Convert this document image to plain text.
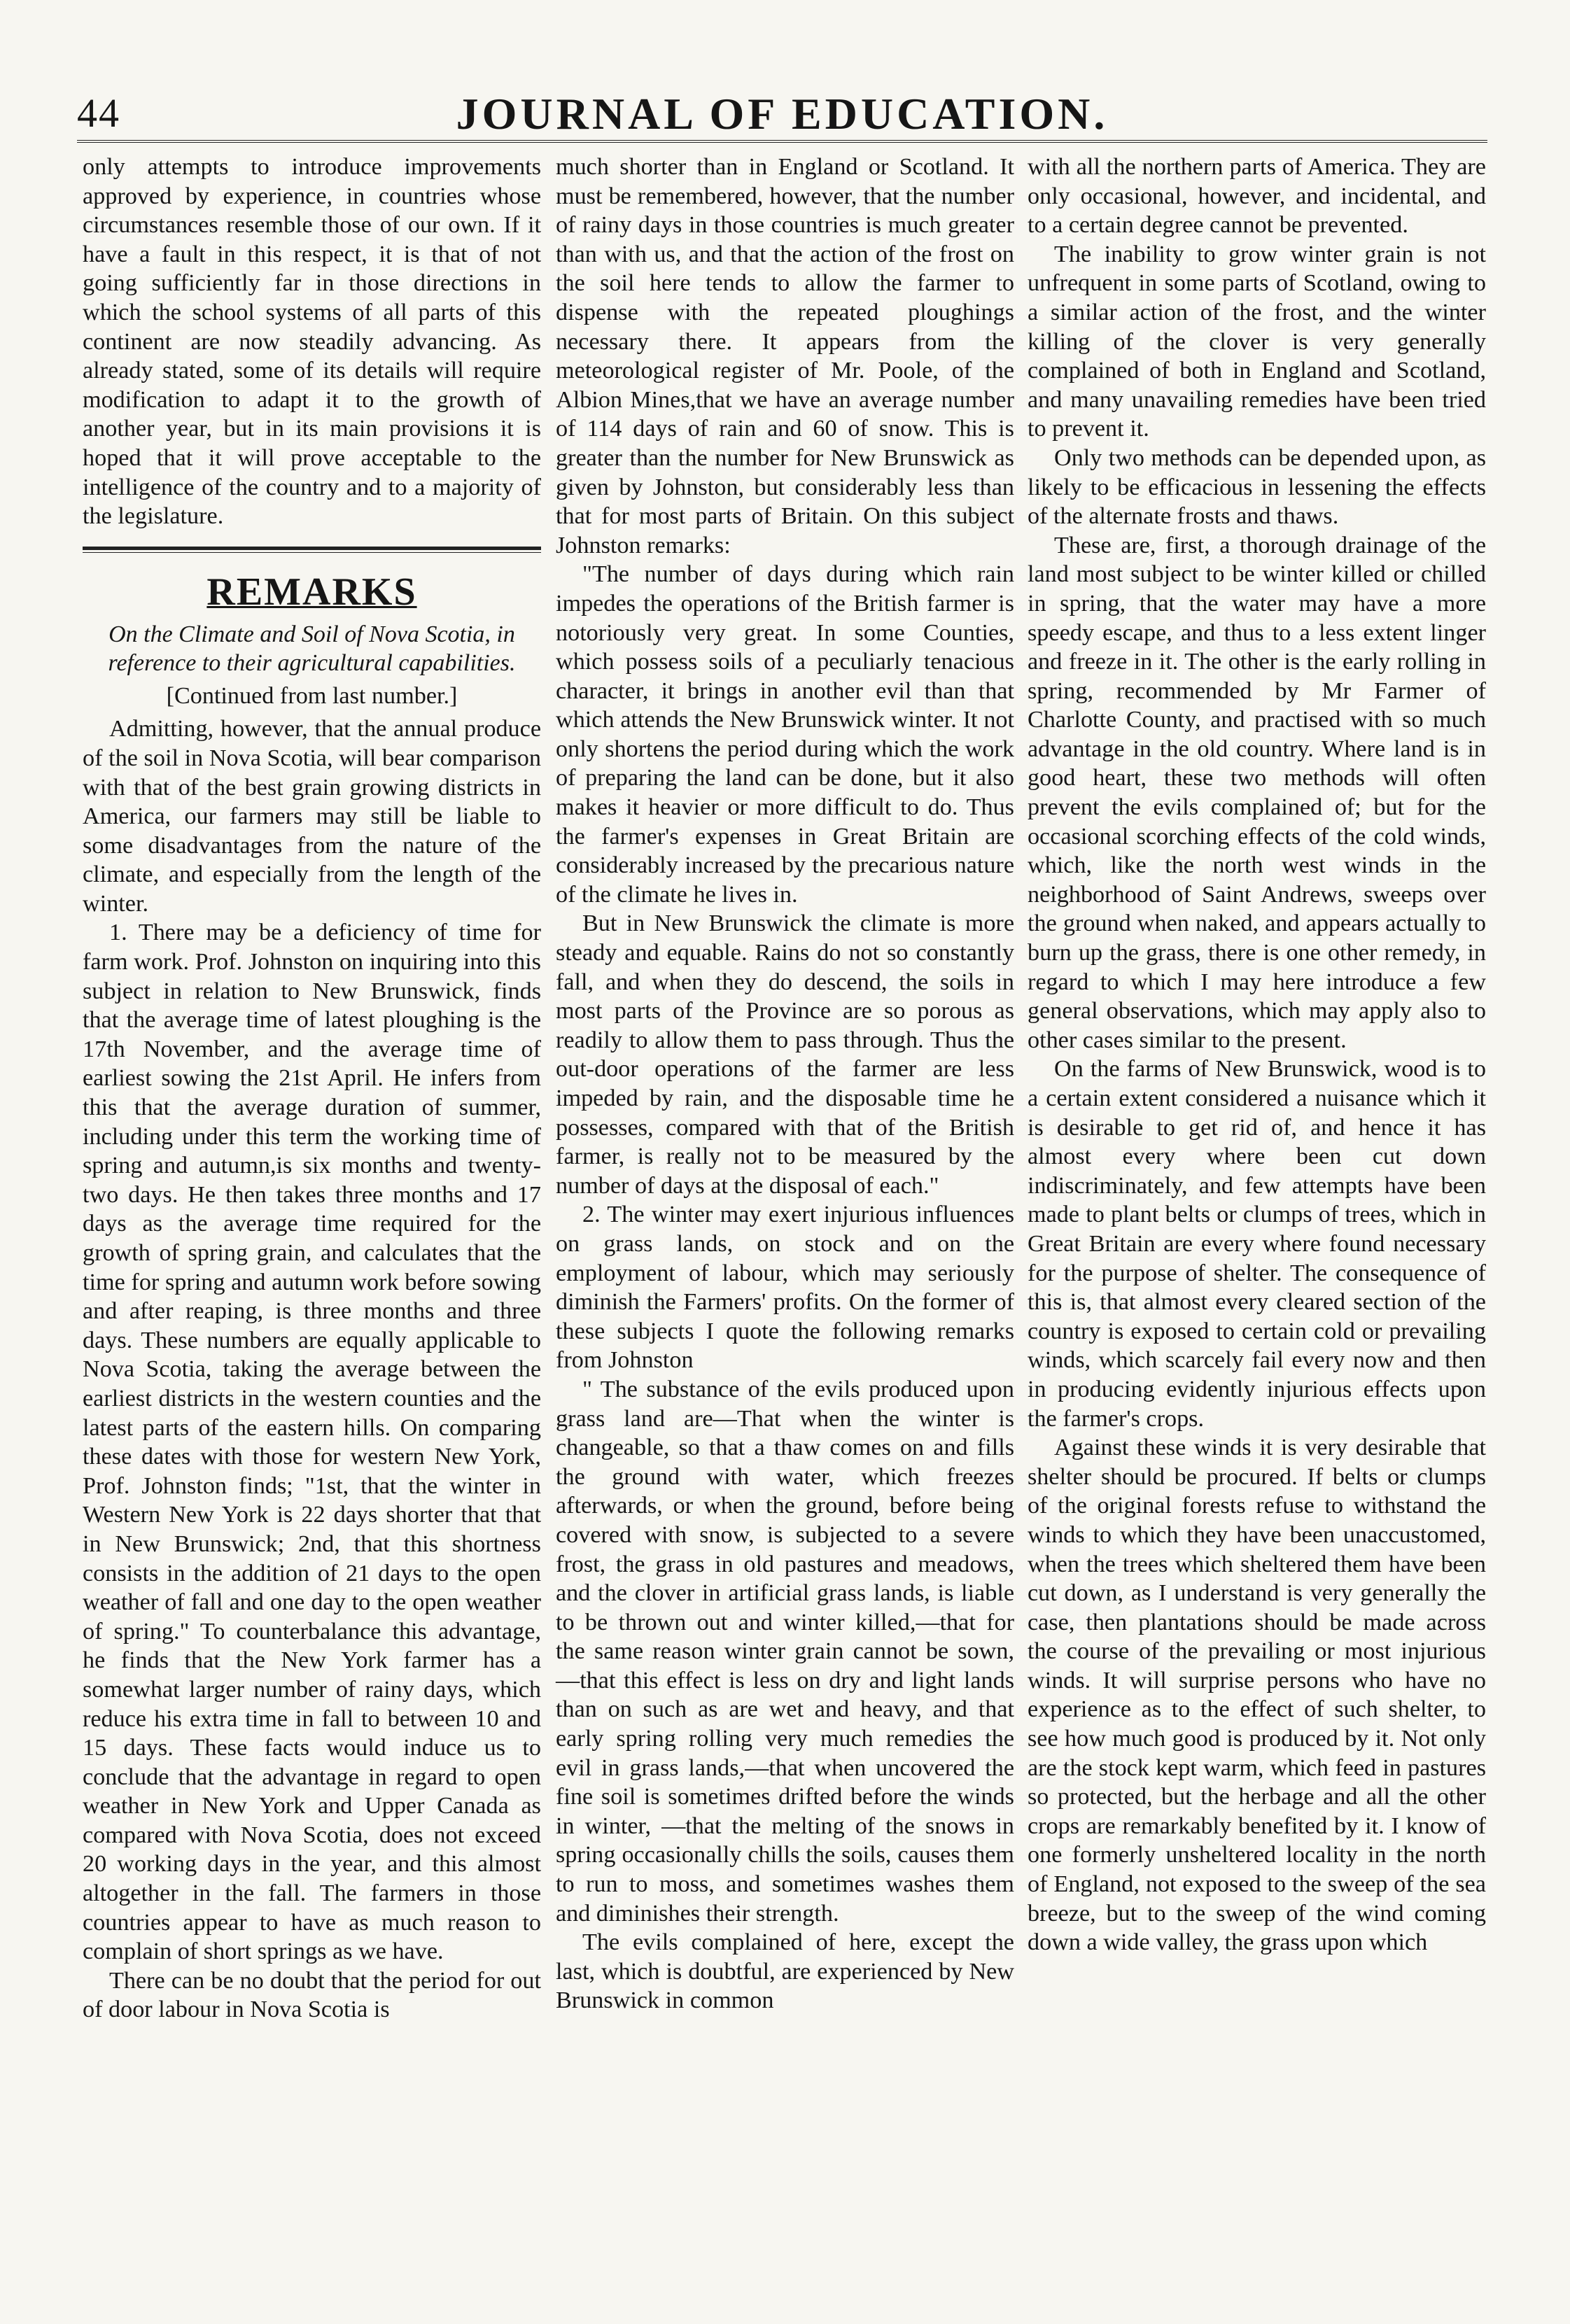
44	JOURNAL OF EDUCATION.

only attempts to introduce improvements approved by experience, in countries whose circumstances resemble those of our own. If it have a fault in this respect, it is that of not going sufficiently far in those directions in which the school systems of all parts of this continent are now steadily advancing. As already stated, some of its details will require modification to adapt it to the growth of another year, but in its main provisions it is hoped that it will prove acceptable to the intelligence of the country and to a majority of the legislature.

REMARKS
On the Climate and Soil of Nova Scotia, in reference to their agricultural capabilities.
[Continued from last number.]

Admitting, however, that the annual produce of the soil in Nova Scotia, will bear comparison with that of the best grain growing districts in America, our farmers may still be liable to some disadvantages from the nature of the climate, and especially from the length of the winter.

1. There may be a deficiency of time for farm work. Prof. Johnston on inquiring into this subject in relation to New Brunswick, finds that the average time of latest ploughing is the 17th November, and the average time of earliest sowing the 21st April. He infers from this that the average duration of summer, including under this term the working time of spring and autumn,is six months and twenty-two days. He then takes three months and 17 days as the average time required for the growth of spring grain, and calculates that the time for spring and autumn work before sowing and after reaping, is three months and three days. These numbers are equally applicable to Nova Scotia, taking the average between the earliest districts in the western counties and the latest parts of the eastern hills. On comparing these dates with those for western New York, Prof. Johnston finds; "1st, that the winter in Western New York is 22 days shorter that that in New Brunswick; 2nd, that this shortness consists in the addition of 21 days to the open weather of fall and one day to the open weather of spring." To counterbalance this advantage, he finds that the New York farmer has a somewhat larger number of rainy days, which reduce his extra time in fall to between 10 and 15 days. These facts would induce us to conclude that the advantage in regard to open weather in New York and Upper Canada as compared with Nova Scotia, does not exceed 20 working days in the year, and this almost altogether in the fall. The farmers in those countries appear to have as much reason to complain of short springs as we have.

There can be no doubt that the period for out of door labour in Nova Scotia is

much shorter than in England or Scotland. It must be remembered, however, that the number of rainy days in those countries is much greater than with us, and that the action of the frost on the soil here tends to allow the farmer to dispense with the repeated ploughings necessary there. It appears from the meteorological register of Mr. Poole, of the Albion Mines,that we have an average number of 114 days of rain and 60 of snow. This is greater than the number for New Brunswick as given by Johnston, but considerably less than that for most parts of Britain. On this subject Johnston remarks:

"The number of days during which rain impedes the operations of the British farmer is notoriously very great. In some Counties, which possess soils of a peculiarly tenacious character, it brings in another evil than that which attends the New Brunswick winter. It not only shortens the period during which the work of preparing the land can be done, but it also makes it heavier or more difficult to do. Thus the farmer's expenses in Great Britain are considerably increased by the precarious nature of the climate he lives in.

But in New Brunswick the climate is more steady and equable. Rains do not so constantly fall, and when they do descend, the soils in most parts of the Province are so porous as readily to allow them to pass through. Thus the out-door operations of the farmer are less impeded by rain, and the disposable time he possesses, compared with that of the British farmer, is really not to be measured by the number of days at the disposal of each."

2. The winter may exert injurious influences on grass lands, on stock and on the employment of labour, which may seriously diminish the Farmers' profits. On the former of these subjects I quote the following remarks from Johnston

" The substance of the evils produced upon grass land are—That when the winter is changeable, so that a thaw comes on and fills the ground with water, which freezes afterwards, or when the ground, before being covered with snow, is subjected to a severe frost, the grass in old pastures and meadows, and the clover in artificial grass lands, is liable to be thrown out and winter killed,—that for the same reason winter grain cannot be sown,—that this effect is less on dry and light lands than on such as are wet and heavy, and that early spring rolling very much remedies the evil in grass lands,—that when uncovered the fine soil is sometimes drifted before the winds in winter, —that the melting of the snows in spring occasionally chills the soils, causes them to run to moss, and sometimes washes them and diminishes their strength.

The evils complained of here, except the last, which is doubtful, are experienced by New Brunswick in common

with all the northern parts of America. They are only occasional, however, and incidental, and to a certain degree cannot be prevented.

The inability to grow winter grain is not unfrequent in some parts of Scotland, owing to a similar action of the frost, and the winter killing of the clover is very generally complained of both in England and Scotland, and many unavailing remedies have been tried to prevent it.

Only two methods can be depended upon, as likely to be efficacious in lessening the effects of the alternate frosts and thaws.

These are, first, a thorough drainage of the land most subject to be winter killed or chilled in spring, that the water may have a more speedy escape, and thus to a less extent linger and freeze in it. The other is the early rolling in spring, recommended by Mr Farmer of Charlotte County, and practised with so much advantage in the old country. Where land is in good heart, these two methods will often prevent the evils complained of; but for the occasional scorching effects of the cold winds, which, like the north west winds in the neighborhood of Saint Andrews, sweeps over the ground when naked, and appears actually to burn up the grass, there is one other remedy, in regard to which I may here introduce a few general observations, which may apply also to other cases similar to the present.

On the farms of New Brunswick, wood is to a certain extent considered a nuisance which it is desirable to get rid of, and hence it has almost every where been cut down indiscriminately, and few attempts have been made to plant belts or clumps of trees, which in Great Britain are every where found necessary for the purpose of shelter. The consequence of this is, that almost every cleared section of the country is exposed to certain cold or prevailing winds, which scarcely fail every now and then in producing evidently injurious effects upon the farmer's crops.

Against these winds it is very desirable that shelter should be procured. If belts or clumps of the original forests refuse to withstand the winds to which they have been unaccustomed, when the trees which sheltered them have been cut down, as I understand is very generally the case, then plantations should be made across the course of the prevailing or most injurious winds. It will surprise persons who have no experience as to the effect of such shelter, to see how much good is produced by it. Not only are the stock kept warm, which feed in pastures so protected, but the herbage and all the other crops are remarkably benefited by it. I know of one formerly unsheltered locality in the north of England, not exposed to the sweep of the sea breeze, but to the sweep of the wind coming down a wide valley, the grass upon which
